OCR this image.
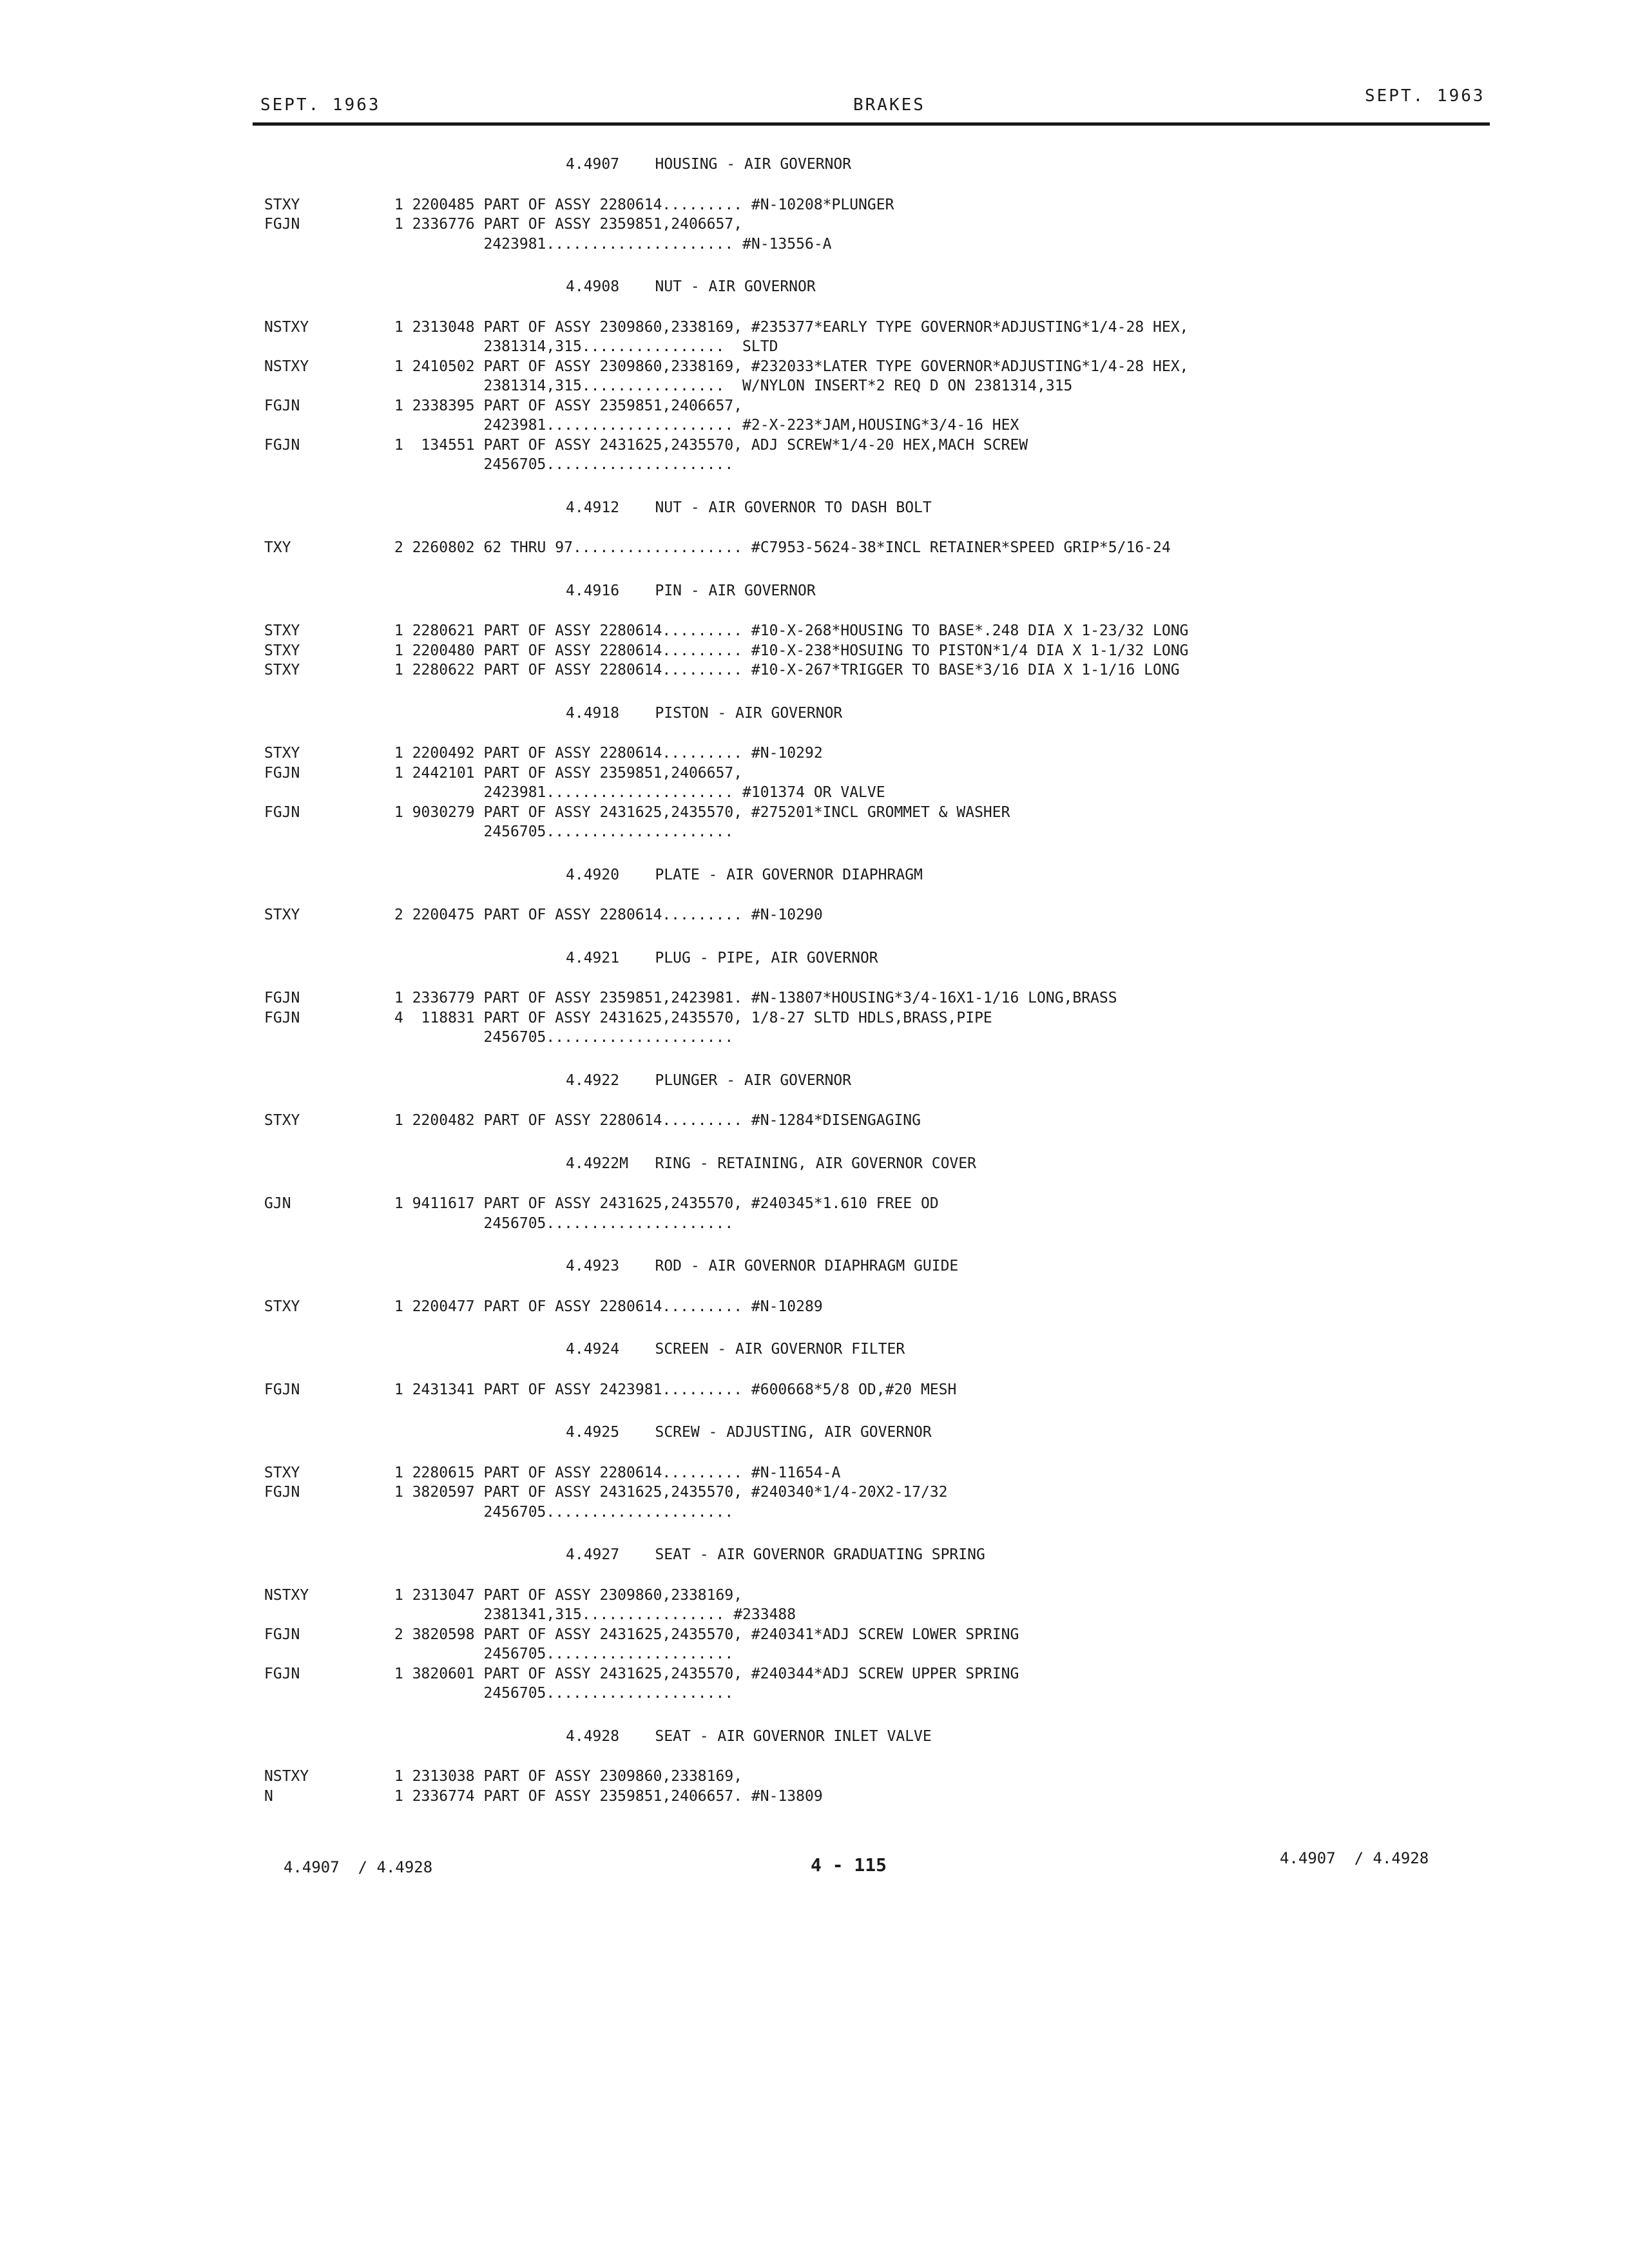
SEPT. 1963	BRAKES	SEPT. 1963
4.4907    HOUSING - AIR GOVERNOR
STXY	1 2200485 PART OF ASSY 2280614......... #N-10208*PLUNGER
FGJN	1 2336776 PART OF ASSY 2359851,2406657,
2423981..................... #N-13556-A
4.4908    NUT - AIR GOVERNOR
NSTXY	1 2313048 PART OF ASSY 2309860,2338169, #235377*EARLY TYPE GOVERNOR*ADJUSTING*1/4-28 HEX,
2381314,315................  SLTD
NSTXY	1 2410502 PART OF ASSY 2309860,2338169, #232033*LATER TYPE GOVERNOR*ADJUSTING*1/4-28 HEX,
2381314,315................  W/NYLON INSERT*2 REQ D ON 2381314,315
FGJN	1 2338395 PART OF ASSY 2359851,2406657,
2423981..................... #2-X-223*JAM,HOUSING*3/4-16 HEX
FGJN	1  134551 PART OF ASSY 2431625,2435570, ADJ SCREW*1/4-20 HEX,MACH SCREW
2456705.....................
4.4912    NUT - AIR GOVERNOR TO DASH BOLT
TXY	2 2260802 62 THRU 97................... #C7953-5624-38*INCL RETAINER*SPEED GRIP*5/16-24
4.4916    PIN - AIR GOVERNOR
STXY	1 2280621 PART OF ASSY 2280614......... #10-X-268*HOUSING TO BASE*.248 DIA X 1-23/32 LONG
STXY	1 2200480 PART OF ASSY 2280614......... #10-X-238*HOSUING TO PISTON*1/4 DIA X 1-1/32 LONG
STXY	1 2280622 PART OF ASSY 2280614......... #10-X-267*TRIGGER TO BASE*3/16 DIA X 1-1/16 LONG
4.4918    PISTON - AIR GOVERNOR
STXY	1 2200492 PART OF ASSY 2280614......... #N-10292
FGJN	1 2442101 PART OF ASSY 2359851,2406657,
2423981..................... #101374 OR VALVE
FGJN	1 9030279 PART OF ASSY 2431625,2435570, #275201*INCL GROMMET & WASHER
2456705.....................
4.4920    PLATE - AIR GOVERNOR DIAPHRAGM
STXY	2 2200475 PART OF ASSY 2280614......... #N-10290
4.4921    PLUG - PIPE, AIR GOVERNOR
FGJN	1 2336779 PART OF ASSY 2359851,2423981. #N-13807*HOUSING*3/4-16X1-1/16 LONG,BRASS
FGJN	4  118831 PART OF ASSY 2431625,2435570, 1/8-27 SLTD HDLS,BRASS,PIPE
2456705.....................
4.4922    PLUNGER - AIR GOVERNOR
STXY	1 2200482 PART OF ASSY 2280614......... #N-1284*DISENGAGING
4.4922M   RING - RETAINING, AIR GOVERNOR COVER
GJN	1 9411617 PART OF ASSY 2431625,2435570, #240345*1.610 FREE OD
2456705.....................
4.4923    ROD - AIR GOVERNOR DIAPHRAGM GUIDE
STXY	1 2200477 PART OF ASSY 2280614......... #N-10289
4.4924    SCREEN - AIR GOVERNOR FILTER
FGJN	1 2431341 PART OF ASSY 2423981......... #600668*5/8 OD,#20 MESH
4.4925    SCREW - ADJUSTING, AIR GOVERNOR
STXY	1 2280615 PART OF ASSY 2280614......... #N-11654-A
FGJN	1 3820597 PART OF ASSY 2431625,2435570, #240340*1/4-20X2-17/32
2456705.....................
4.4927    SEAT - AIR GOVERNOR GRADUATING SPRING
NSTXY	1 2313047 PART OF ASSY 2309860,2338169,
2381341,315................ #233488
FGJN	2 3820598 PART OF ASSY 2431625,2435570, #240341*ADJ SCREW LOWER SPRING
2456705.....................
FGJN	1 3820601 PART OF ASSY 2431625,2435570, #240344*ADJ SCREW UPPER SPRING
2456705.....................
4.4928    SEAT - AIR GOVERNOR INLET VALVE
NSTXY	1 2313038 PART OF ASSY 2309860,2338169,
N	1 2336774 PART OF ASSY 2359851,2406657. #N-13809
4.4907  / 4.4928	4 - 115	4.4907  / 4.4928
